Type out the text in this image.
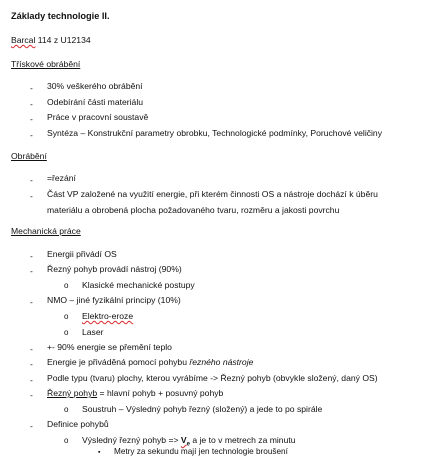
Základy technologie II.
Barcal 114 z U12134
Třískové obrábění
- 30% veškerého obrábění
- Odebírání části materiálu
- Práce v pracovní soustavě
- Syntéza – Konstrukční parametry obrobku, Technologické podmínky, Poruchové veličiny
Obrábění
- =řezání
- Část VP založené na využití energie, při kterém činnosti OS a nástroje dochází k úběru
materiálu a obrobená plocha požadovaného tvaru, rozměru a jakosti povrchu
Mechanická práce
- Energii přivádí OS
- Řezný pohyb provádí nástroj (90%)
o Klasické mechanické postupy
- NMO – jiné fyzikální principy (10%)
o Elektro-eroze
o Laser
- +- 90% energie se přemění teplo
- Energie je přiváděná pomocí pohybu řezného nástroje
- Podle typu (tvaru) plochy, kterou vyrábíme -> Řezný pohyb (obvykle složený, daný OS)
- Řezný pohyb = hlavní pohyb + posuvný pohyb
o Soustruh – Výsledný pohyb řezný (složený) a jede to po spirále
- Definice pohybů
o Výsledný řezný pohyb => $V_e$ a je to v metrech za minutu
▪ Metry za sekundu mají jen technologie broušení
